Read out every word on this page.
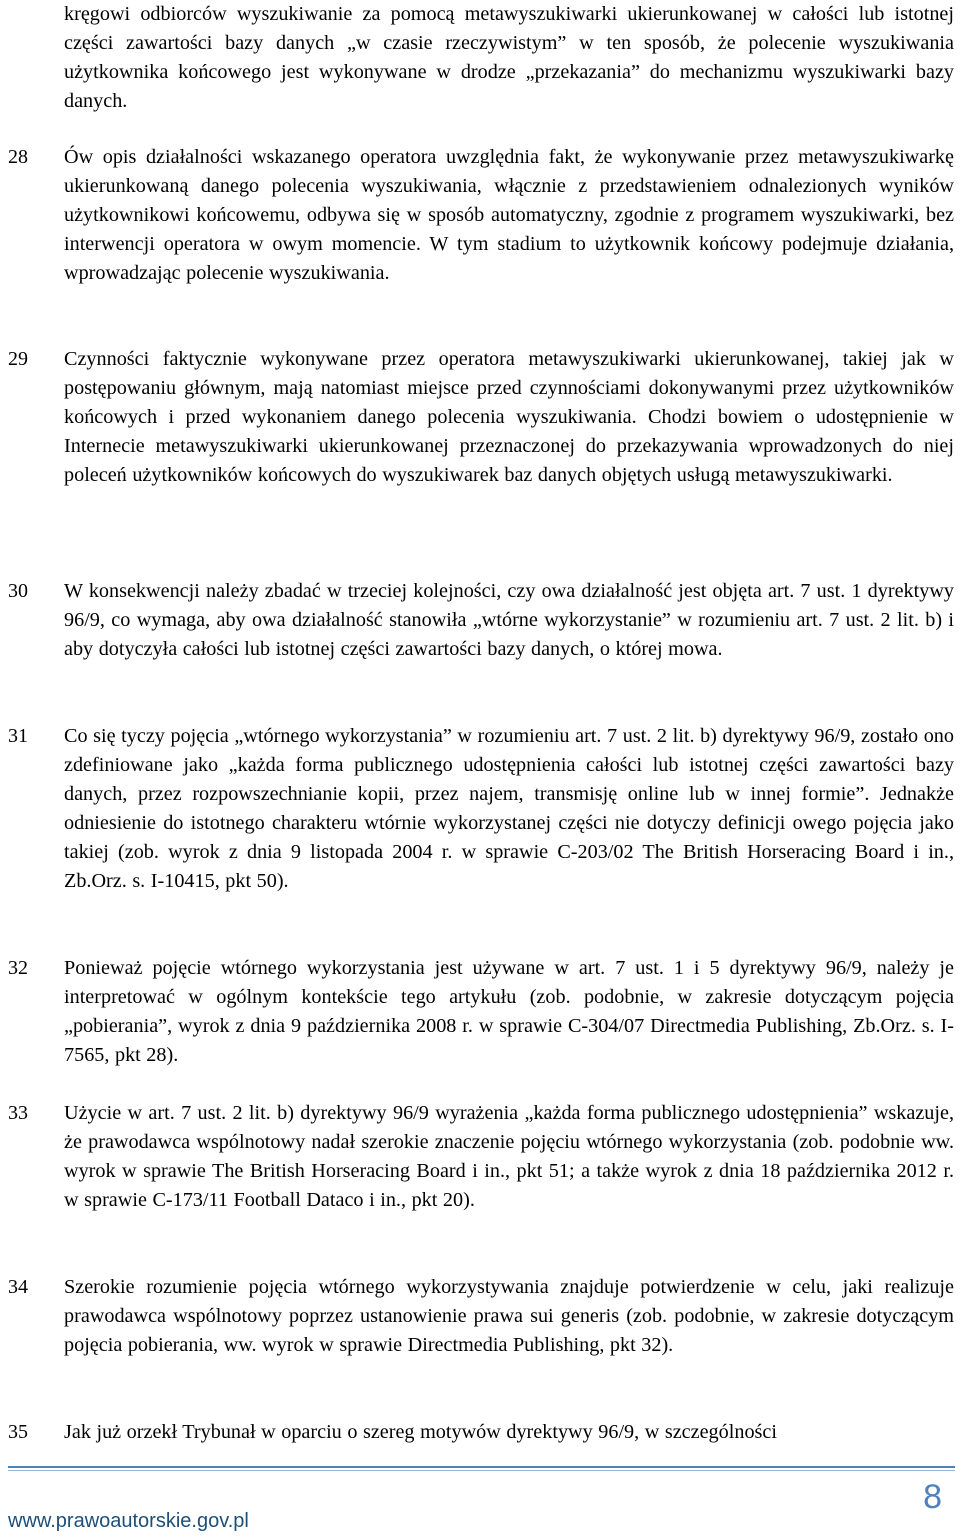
kręgowi odbiorców wyszukiwanie za pomocą metawyszukiwarki ukierunkowanej w całości lub istotnej części zawartości bazy danych „w czasie rzeczywistym” w ten sposób, że polecenie wyszukiwania użytkownika końcowego jest wykonywane w drodze „przekazania” do mechanizmu wyszukiwarki bazy danych.
28 Ów opis działalności wskazanego operatora uwzględnia fakt, że wykonywanie przez metawyszukiwarkę ukierunkowaną danego polecenia wyszukiwania, włącznie z przedstawieniem odnalezionych wyników użytkownikowi końcowemu, odbywa się w sposób automatyczny, zgodnie z programem wyszukiwarki, bez interwencji operatora w owym momencie. W tym stadium to użytkownik końcowy podejmuje działania, wprowadzając polecenie wyszukiwania.
29 Czynności faktycznie wykonywane przez operatora metawyszukiwarki ukierunkowanej, takiej jak w postępowaniu głównym, mają natomiast miejsce przed czynnościami dokonywanymi przez użytkowników końcowych i przed wykonaniem danego polecenia wyszukiwania. Chodzi bowiem o udostępnienie w Internecie metawyszukiwarki ukierunkowanej przeznaczonej do przekazywania wprowadzonych do niej poleceń użytkowników końcowych do wyszukiwarek baz danych objętych usługą metawyszukiwarki.
30 W konsekwencji należy zbadać w trzeciej kolejności, czy owa działalność jest objęta art. 7 ust. 1 dyrektywy 96/9, co wymaga, aby owa działalność stanowiła „wtórne wykorzystanie” w rozumieniu art. 7 ust. 2 lit. b) i aby dotyczyła całości lub istotnej części zawartości bazy danych, o której mowa.
31 Co się tyczy pojęcia „wtórnego wykorzystania” w rozumieniu art. 7 ust. 2 lit. b) dyrektywy 96/9, zostało ono zdefiniowane jako „każda forma publicznego udostępnienia całości lub istotnej części zawartości bazy danych, przez rozpowszechnianie kopii, przez najem, transmisję online lub w innej formie”. Jednakże odniesienie do istotnego charakteru wtórnie wykorzystanej części nie dotyczy definicji owego pojęcia jako takiej (zob. wyrok z dnia 9 listopada 2004 r. w sprawie C-203/02 The British Horseracing Board i in., Zb.Orz. s. I-10415, pkt 50).
32 Ponieważ pojęcie wtórnego wykorzystania jest używane w art. 7 ust. 1 i 5 dyrektywy 96/9, należy je interpretować w ogólnym kontekście tego artykułu (zob. podobnie, w zakresie dotyczącym pojęcia „pobierania”, wyrok z dnia 9 października 2008 r. w sprawie C-304/07 Directmedia Publishing, Zb.Orz. s. I-7565, pkt 28).
33 Użycie w art. 7 ust. 2 lit. b) dyrektywy 96/9 wyrażenia „każda forma publicznego udostępnienia” wskazuje, że prawodawca wspólnotowy nadał szerokie znaczenie pojęciu wtórnego wykorzystania (zob. podobnie ww. wyrok w sprawie The British Horseracing Board i in., pkt 51; a także wyrok z dnia 18 października 2012 r. w sprawie C-173/11 Football Dataco i in., pkt 20).
34 Szerokie rozumienie pojęcia wtórnego wykorzystywania znajduje potwierdzenie w celu, jaki realizuje prawodawca wspólnotowy poprzez ustanowienie prawa sui generis (zob. podobnie, w zakresie dotyczącym pojęcia pobierania, ww. wyrok w sprawie Directmedia Publishing, pkt 32).
35 Jak już orzekł Trybunał w oparciu o szereg motywów dyrektywy 96/9, w szczególności
www.prawoautorskie.gov.pl
8
